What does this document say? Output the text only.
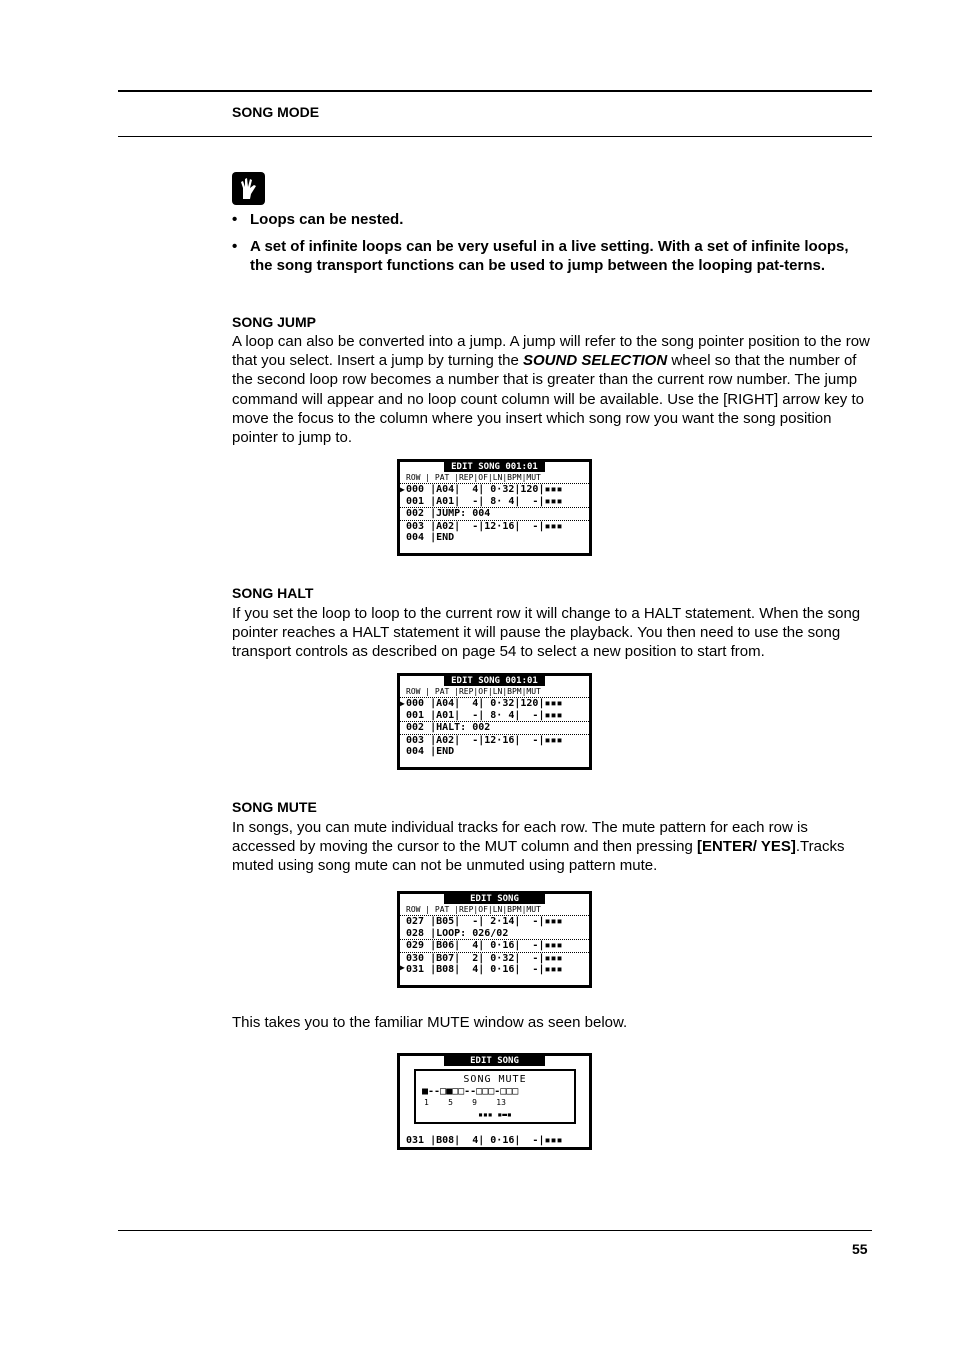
SONG MODE
• Loops can be nested.
• A set of infinite loops can be very useful in a live setting. With a set of infinite loops, the song transport functions can be used to jump between the looping pat-terns.
SONG JUMP
A loop can also be converted into a jump. A jump will refer to the song pointer position to the row that you select. Insert a jump by turning the SOUND SELECTION wheel so that the number of the second loop row becomes a number that is greater than the current row number. The jump command will appear and no loop count column will be available. Use the [RIGHT] arrow key to move the focus to the column where you insert which song row you want the song position pointer to jump to.
EDIT SONG 001:01
ROW | PAT |REP|OF|LN|BPM|MUT
▶ 000 |A04|  4| 0·32|120|▪▪▪
001 |A01|  -| 8· 4|  -|▪▪▪
002 |JUMP: 004
003 |A02|  -|12·16|  -|▪▪▪
004 |END
SONG HALT
If you set the loop to loop to the current row it will change to a HALT statement. When the song pointer reaches a HALT statement it will pause the playback. You then need to use the song transport controls as described on page 54 to select a new position to start from.
EDIT SONG 001:01
ROW | PAT |REP|OF|LN|BPM|MUT
▶ 000 |A04|  4| 0·32|120|▪▪▪
001 |A01|  -| 8· 4|  -|▪▪▪
002 |HALT: 002
003 |A02|  -|12·16|  -|▪▪▪
004 |END
SONG MUTE
In songs, you can mute individual tracks for each row. The mute pattern for each row is accessed by moving the cursor to the MUT column and then pressing [ENTER/ YES].Tracks muted using song mute can not be unmuted using pattern mute.
EDIT SONG
ROW | PAT |REP|OF|LN|BPM|MUT
▶
027 |B05|  -| 2·14|  -|▪▪▪
028 |LOOP: 026/02
029 |B06|  4| 0·16|  -|▪▪▪
030 |B07|  2| 0·32|  -|▪▪▪
031 |B08|  4| 0·16|  -|▪▪▪
This takes you to the familiar MUTE window as seen below.
EDIT SONG
SONG MUTE
■--□■□□--□□□-□□□
1    5    9    13
▪▪▪ ▪▬▪
031 |B08|  4| 0·16|  -|▪▪▪
55
